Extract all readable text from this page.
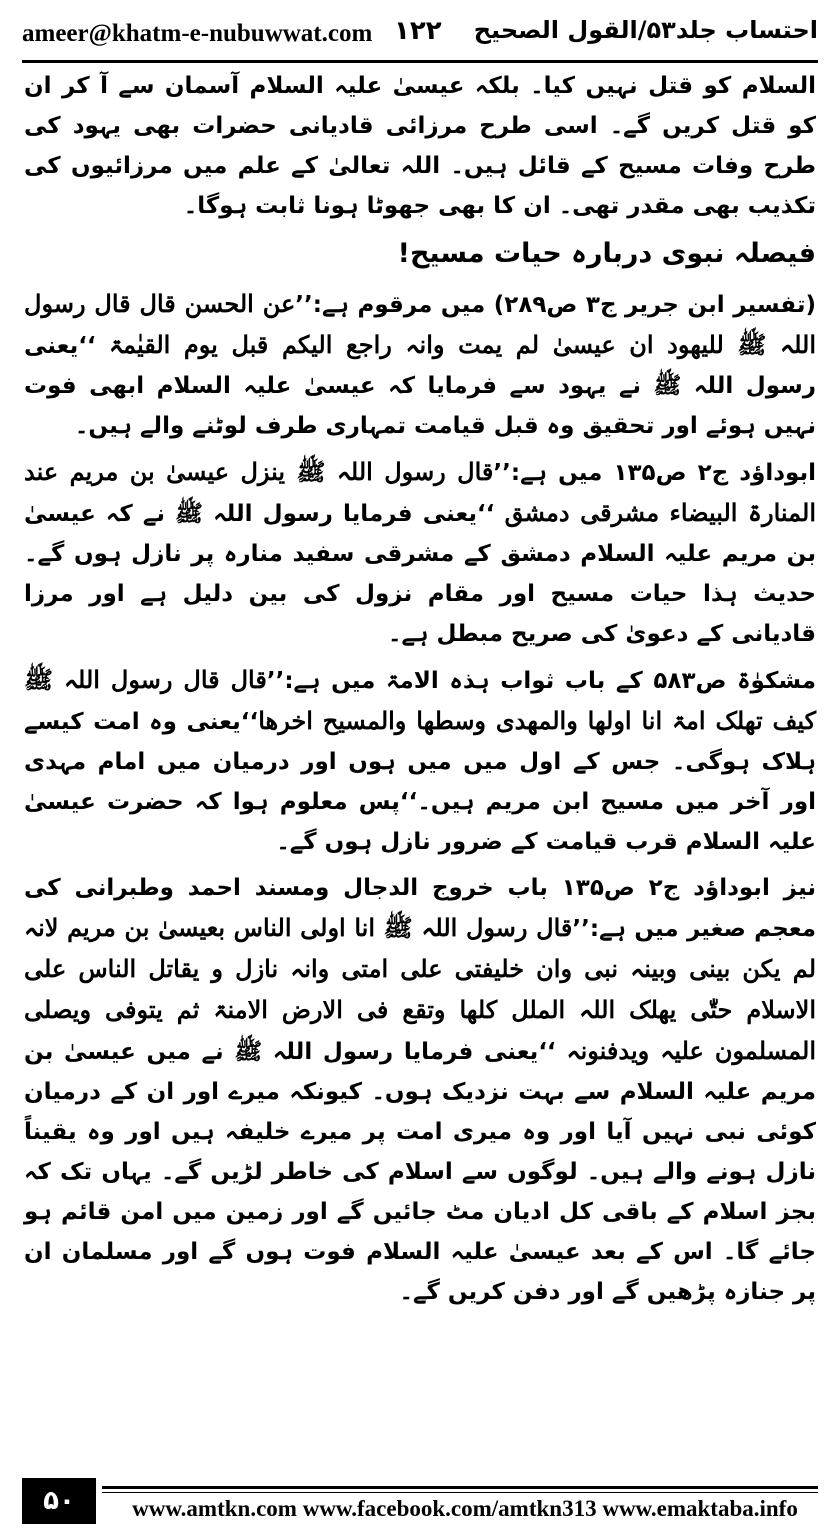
ameer@khatm-e-nubuwwat.com ۱۲۲ احتساب جلد۵۳/القول الصحیح

السلام کو قتل نہیں کیا۔ بلکہ عیسیٰ علیہ السلام آسمان سے آ کر ان کو قتل کریں گے۔ اسی طرح مرزائی قادیانی حضرات بھی یہود کی طرح وفات مسیح کے قائل ہیں۔ اللہ تعالیٰ کے علم میں مرزائیوں کی تکذیب بھی مقدر تھی۔ ان کا بھی جھوٹا ہونا ثابت ہوگا۔

فیصلہ نبوی دربارہ حیات مسیح!

(تفسیر ابن جریر ج۳ ص۲۸۹) میں مرقوم ہے:’’عن الحسن قال قال رسول اللہ ﷺ للیھود ان عیسیٰ لم یمت وانہ راجع الیکم قبل یوم القیٰمۃ ‘‘یعنی رسول اللہ ﷺ نے یہود سے فرمایا کہ عیسیٰ علیہ السلام ابھی فوت نہیں ہوئے اور تحقیق وہ قبل قیامت تمہاری طرف لوٹنے والے ہیں۔

ابوداؤد ج۲ ص۱۳۵ میں ہے:’’قال رسول اللہ ﷺ ینزل عیسیٰ بن مریم عند المنارۃ البیضاء مشرقی دمشق ‘‘یعنی فرمایا رسول اللہ ﷺ نے کہ عیسیٰ بن مریم علیہ السلام دمشق کے مشرقی سفید منارہ پر نازل ہوں گے۔ حدیث ہذا حیات مسیح اور مقام نزول کی بین دلیل ہے اور مرزا قادیانی کے دعویٰ کی صریح مبطل ہے۔

مشکوٰۃ ص۵۸۳ کے باب ثواب ہذہ الامۃ میں ہے:’’قال قال رسول اللہ ﷺ کیف تھلک امۃ انا اولھا والمھدی وسطھا والمسیح اخرھا‘‘یعنی وہ امت کیسے ہلاک ہوگی۔ جس کے اول میں میں ہوں اور درمیان میں امام مہدی اور آخر میں مسیح ابن مریم ہیں۔‘‘پس معلوم ہوا کہ حضرت عیسیٰ علیہ السلام قرب قیامت کے ضرور نازل ہوں گے۔

نیز ابوداؤد ج۲ ص۱۳۵ باب خروج الدجال ومسند احمد وطبرانی کی معجم صغیر میں ہے:’’قال رسول اللہ ﷺ انا اولی الناس بعیسیٰ بن مریم لانہ لم یکن بینی وبینہ نبی وان خلیفتی علی امتی وانہ نازل و یقاتل الناس علی الاسلام حتّٰی یھلک اللہ الملل کلھا وتقع فی الارض الامنۃ ثم یتوفی ویصلی المسلمون علیہ ویدفنونہ ‘‘یعنی فرمایا رسول اللہ ﷺ نے میں عیسیٰ بن مریم علیہ السلام سے بہت نزدیک ہوں۔ کیونکہ میرے اور ان کے درمیان کوئی نبی نہیں آیا اور وہ میری امت پر میرے خلیفہ ہیں اور وہ یقیناً نازل ہونے والے ہیں۔ لوگوں سے اسلام کی خاطر لڑیں گے۔ یہاں تک کہ بجز اسلام کے باقی کل ادیان مٹ جائیں گے اور زمین میں امن قائم ہو جائے گا۔ اس کے بعد عیسیٰ علیہ السلام فوت ہوں گے اور مسلمان ان پر جنازہ پڑھیں گے اور دفن کریں گے۔

۵۰	www.amtkn.com www.facebook.com/amtkn313 www.emaktaba.info
